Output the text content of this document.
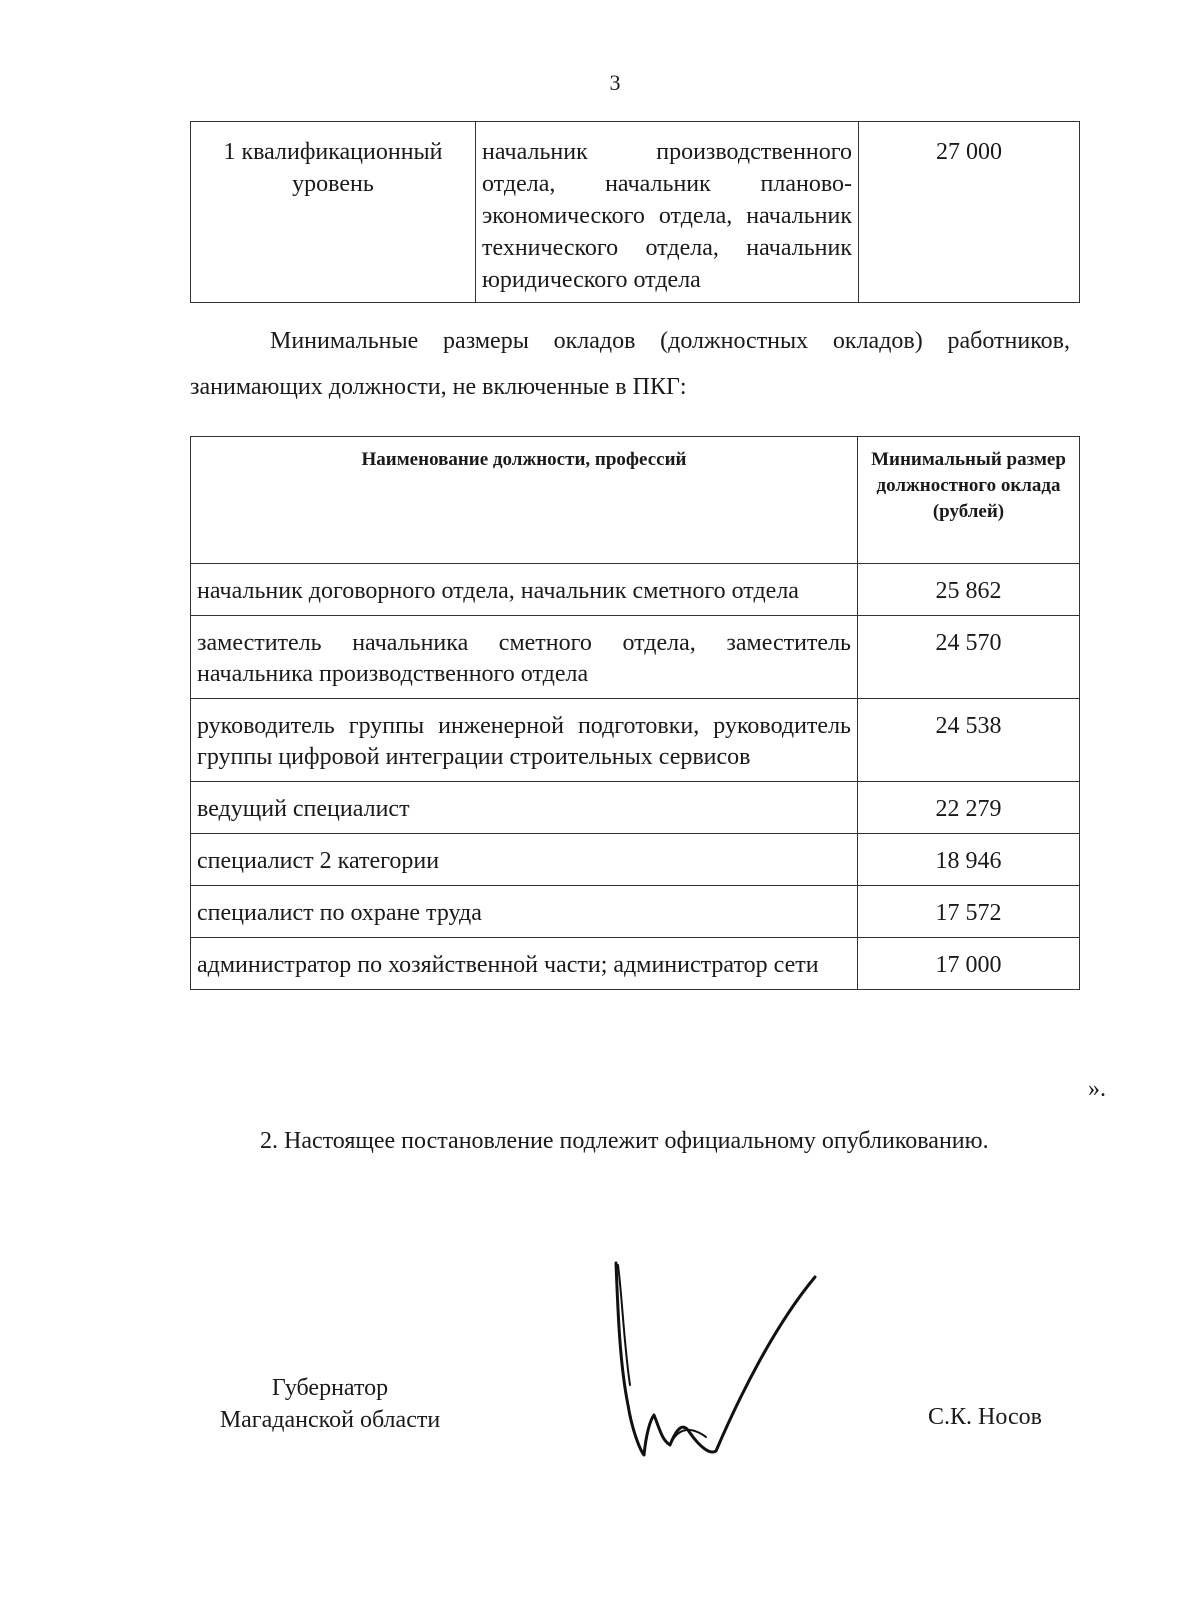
3
1 квалификационный уровень	начальник производственного отдела, начальник планово-экономического отдела, начальник технического отдела, начальник юридического отдела	27 000
Минимальные размеры окладов (должностных окладов) работников, занимающих должности, не включенные в ПКГ:
Наименование должности, профессий	Минимальный размер должностного оклада (рублей)
начальник договорного отдела, начальник сметного отдела	25 862
заместитель начальника сметного отдела, заместитель начальника производственного отдела	24 570
руководитель группы инженерной подготовки, руководитель группы цифровой интеграции строительных сервисов	24 538
ведущий специалист	22 279
специалист 2 категории	18 946
специалист по охране труда	17 572
администратор по хозяйственной части; администратор сети	17 000
».
2. Настоящее постановление подлежит официальному опубликованию.
Губернатор
Магаданской области	С.К. Носов
